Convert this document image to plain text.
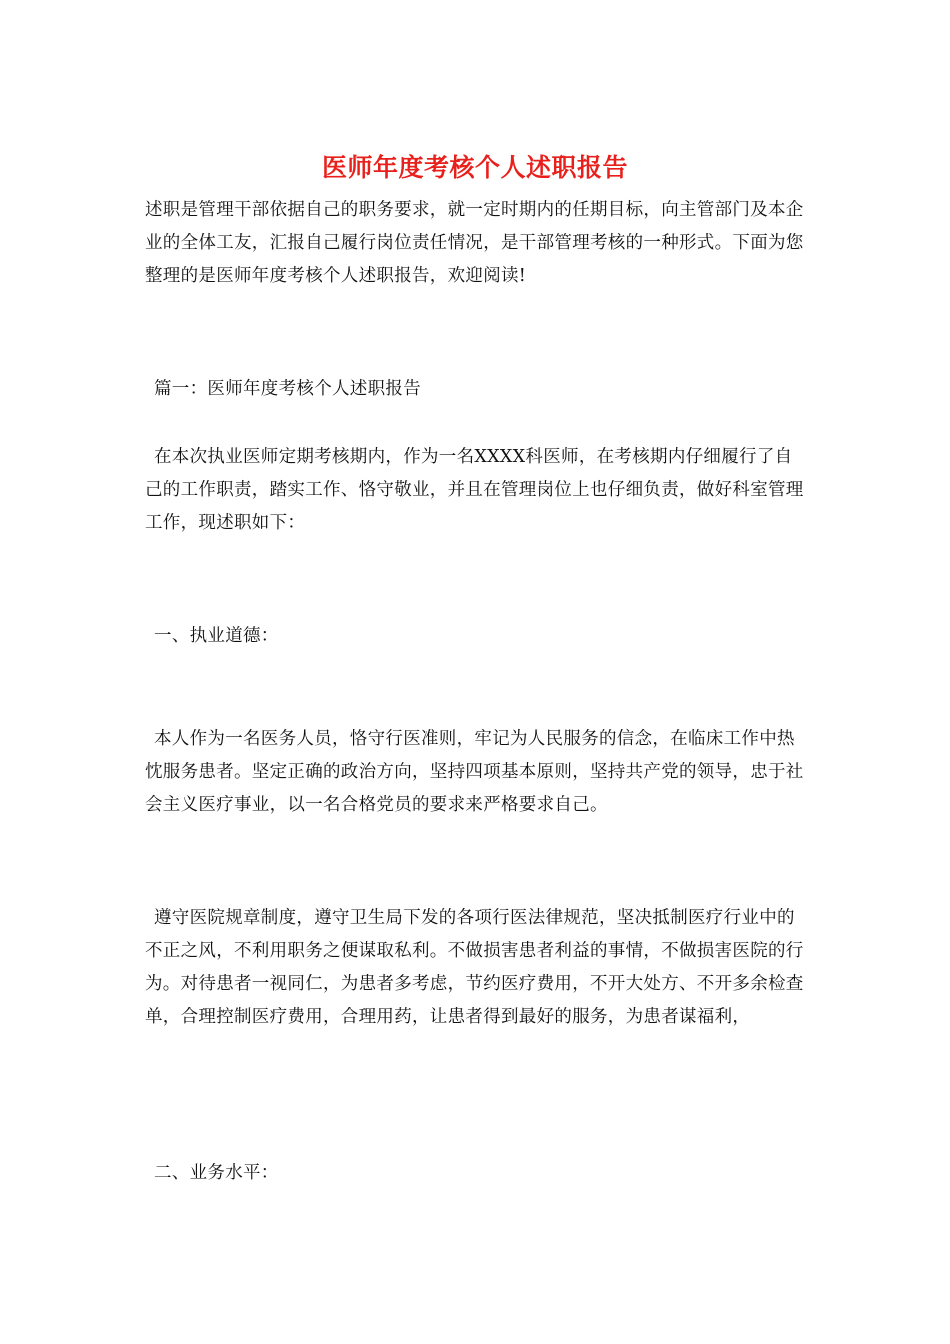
医师年度考核个人述职报告
述职是管理干部依据自己的职务要求，就一定时期内的任期目标，向主管部门及本企业的全体工友，汇报自己履行岗位责任情况，是干部管理考核的一种形式。下面为您整理的是医师年度考核个人述职报告，欢迎阅读!
篇一：医师年度考核个人述职报告
在本次执业医师定期考核期内，作为一名XXXX科医师，在考核期内仔细履行了自己的工作职责，踏实工作、恪守敬业，并且在管理岗位上也仔细负责，做好科室管理工作，现述职如下：
一、执业道德：
本人作为一名医务人员，恪守行医准则，牢记为人民服务的信念，在临床工作中热忱服务患者。坚定正确的政治方向，坚持四项基本原则，坚持共产党的领导，忠于社会主义医疗事业，以一名合格党员的要求来严格要求自己。
遵守医院规章制度，遵守卫生局下发的各项行医法律规范，坚决抵制医疗行业中的不正之风，不利用职务之便谋取私利。不做损害患者利益的事情，不做损害医院的行为。对待患者一视同仁，为患者多考虑，节约医疗费用，不开大处方、不开多余检查单，合理控制医疗费用，合理用药，让患者得到最好的服务，为患者谋福利，
二、业务水平：
